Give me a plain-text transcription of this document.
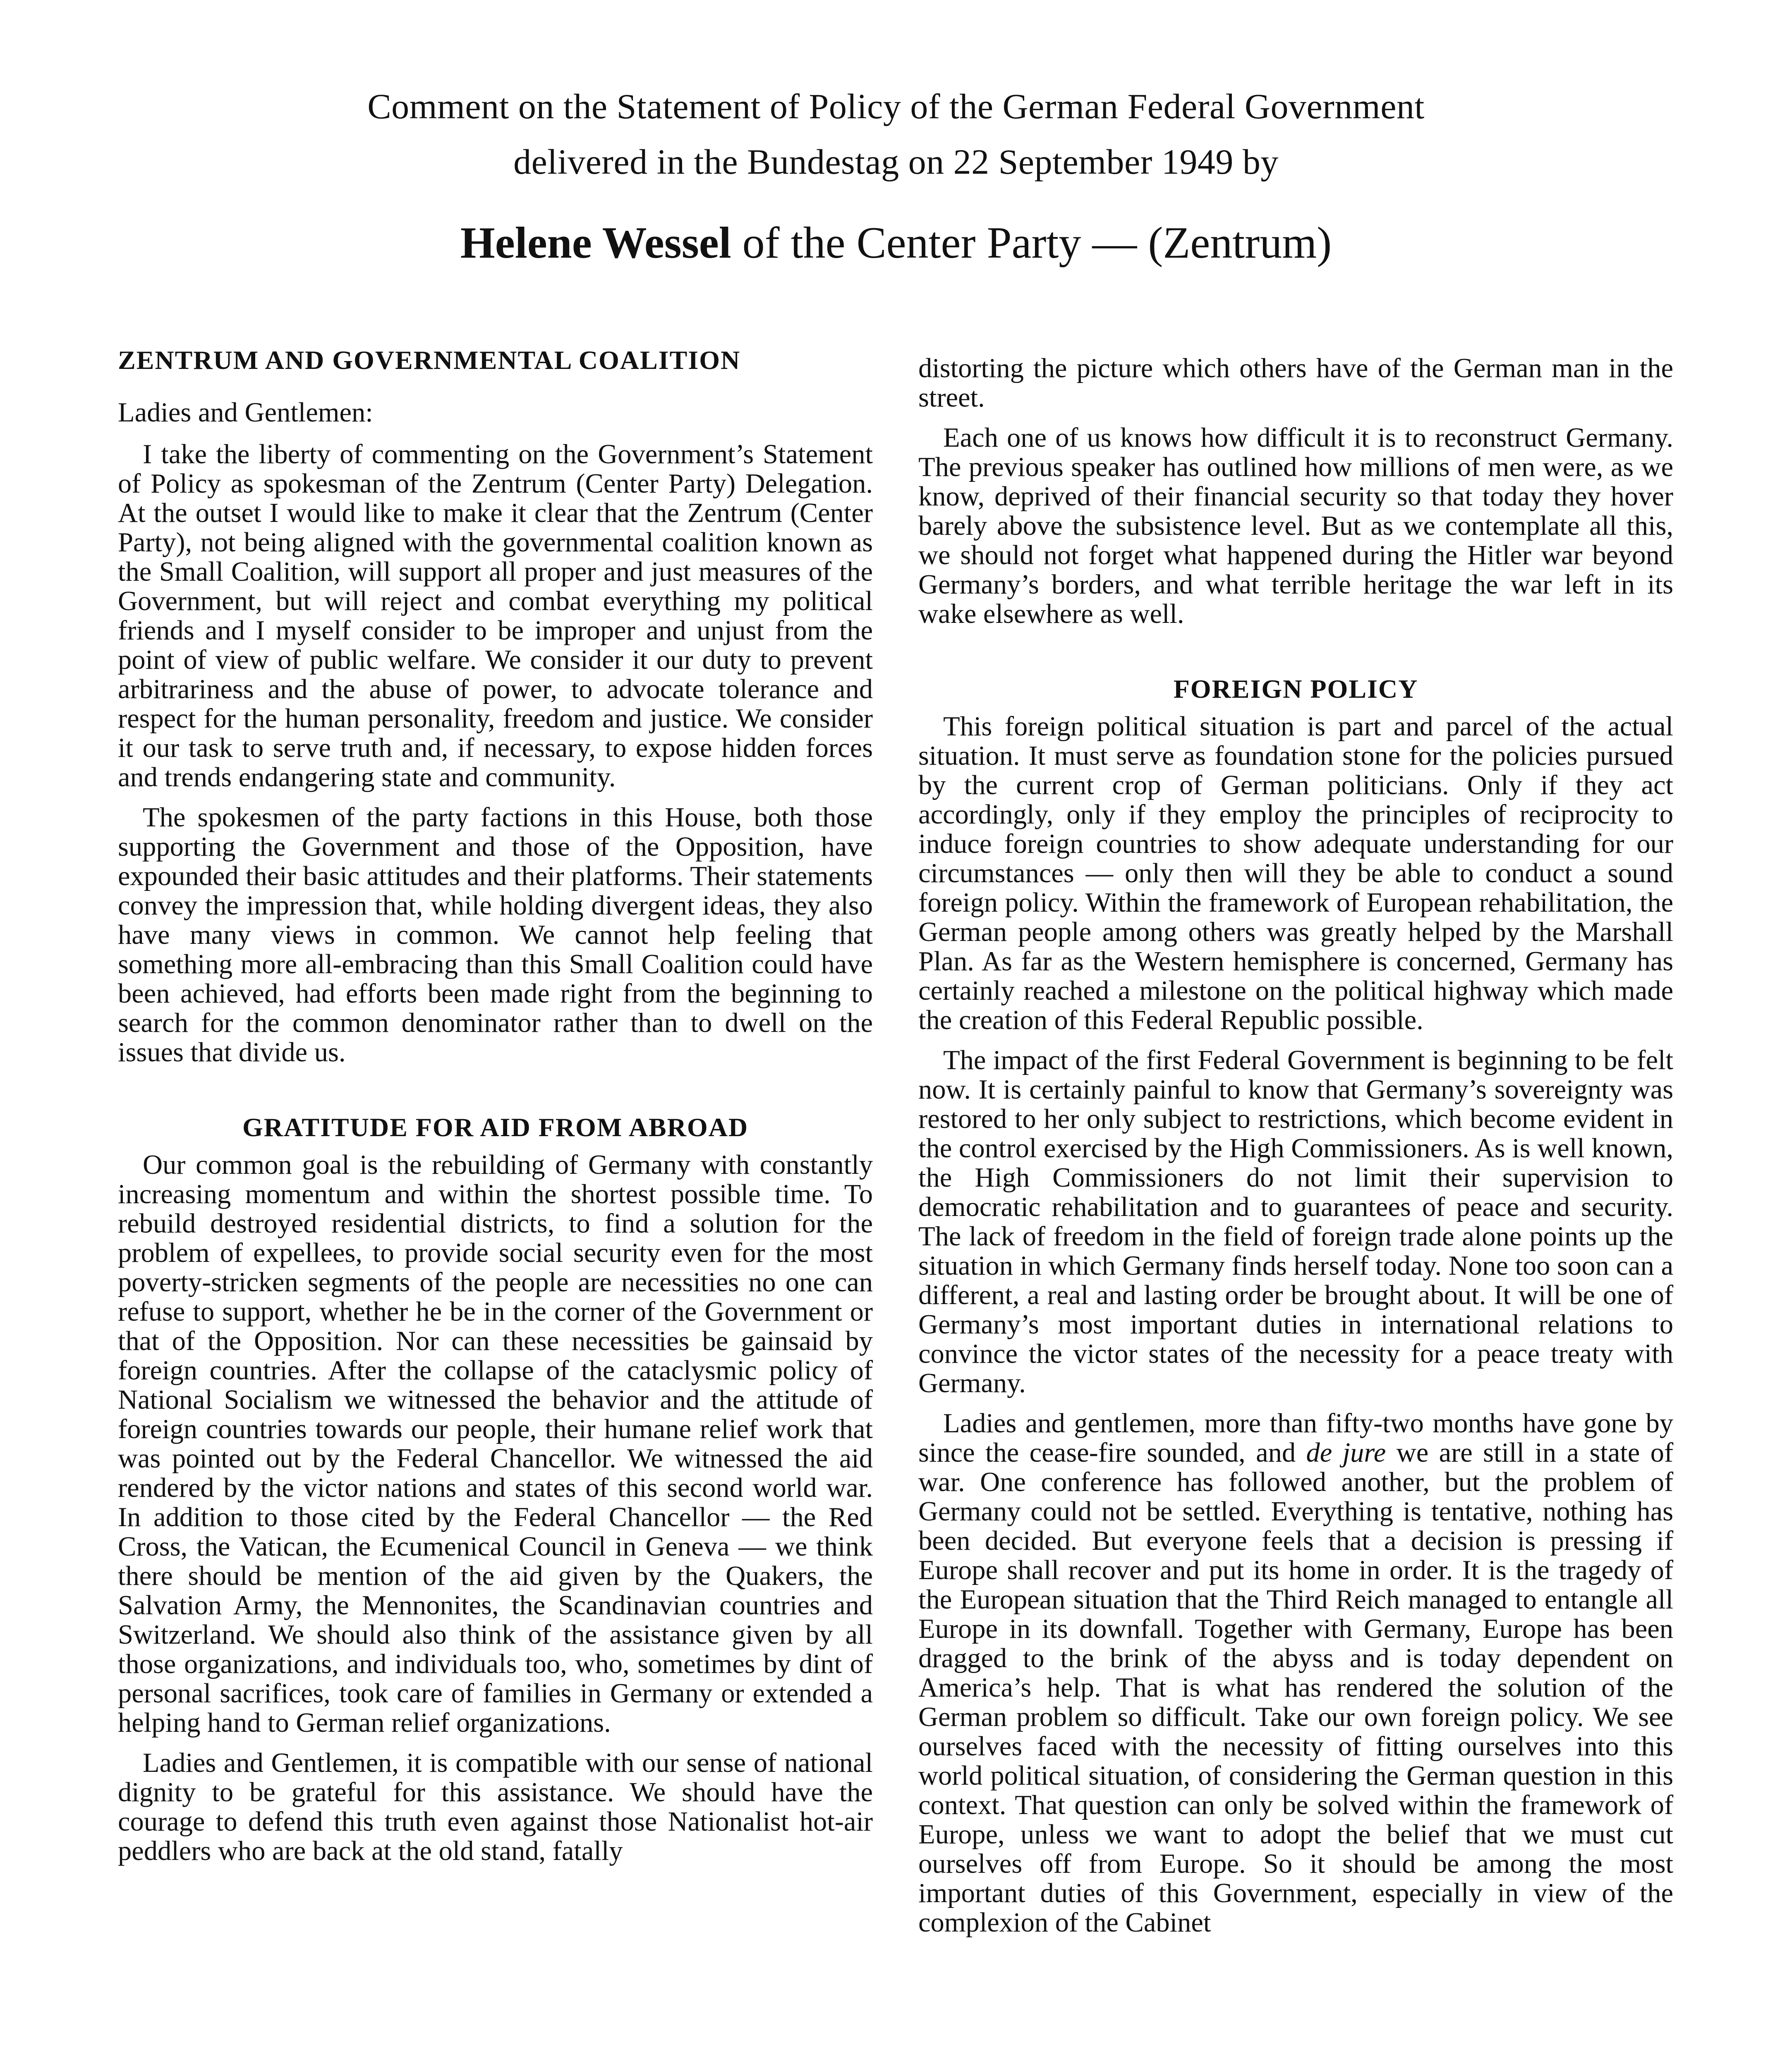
Comment on the Statement of Policy of the German Federal Government
delivered in the Bundestag on 22 September 1949 by
Helene Wessel of the Center Party — (Zentrum)
ZENTRUM AND GOVERNMENTAL COALITION

Ladies and Gentlemen:

I take the liberty of commenting on the Government’s Statement of Policy as spokesman of the Zentrum (Center Party) Delegation. At the outset I would like to make it clear that the Zentrum (Center Party), not being aligned with the governmental coalition known as the Small Coalition, will support all proper and just measures of the Government, but will reject and combat everything my political friends and I myself consider to be improper and unjust from the point of view of public welfare. We consider it our duty to prevent arbitrariness and the abuse of power, to advocate tolerance and respect for the human personality, freedom and justice. We consider it our task to serve truth and, if necessary, to expose hidden forces and trends endangering state and community.

The spokesmen of the party factions in this House, both those supporting the Government and those of the Opposition, have expounded their basic attitudes and their platforms. Their statements convey the impression that, while holding divergent ideas, they also have many views in common. We cannot help feeling that something more all-embracing than this Small Coalition could have been achieved, had efforts been made right from the beginning to search for the common denominator rather than to dwell on the issues that divide us.

GRATITUDE FOR AID FROM ABROAD

Our common goal is the rebuilding of Germany with constantly increasing momentum and within the shortest possible time. To rebuild destroyed residential districts, to find a solution for the problem of expellees, to provide social security even for the most poverty-stricken segments of the people are necessities no one can refuse to support, whether he be in the corner of the Government or that of the Opposition. Nor can these necessities be gainsaid by foreign countries. After the collapse of the cataclysmic policy of National Socialism we witnessed the behavior and the attitude of foreign countries towards our people, their humane relief work that was pointed out by the Federal Chancellor. We witnessed the aid rendered by the victor nations and states of this second world war. In addition to those cited by the Federal Chancellor — the Red Cross, the Vatican, the Ecumenical Council in Geneva — we think there should be mention of the aid given by the Quakers, the Salvation Army, the Mennonites, the Scandinavian countries and Switzerland. We should also think of the assistance given by all those organizations, and individuals too, who, sometimes by dint of personal sacrifices, took care of families in Germany or extended a helping hand to German relief organizations.

Ladies and Gentlemen, it is compatible with our sense of national dignity to be grateful for this assistance. We should have the courage to defend this truth even against those Nationalist hot-air peddlers who are back at the old stand, fatally

distorting the picture which others have of the German man in the street.

Each one of us knows how difficult it is to reconstruct Germany. The previous speaker has outlined how millions of men were, as we know, deprived of their financial security so that today they hover barely above the subsistence level. But as we contemplate all this, we should not forget what happened during the Hitler war beyond Germany’s borders, and what terrible heritage the war left in its wake elsewhere as well.

FOREIGN POLICY

This foreign political situation is part and parcel of the actual situation. It must serve as foundation stone for the policies pursued by the current crop of German politicians. Only if they act accordingly, only if they employ the principles of reciprocity to induce foreign countries to show adequate understanding for our circumstances — only then will they be able to conduct a sound foreign policy. Within the framework of European rehabilitation, the German people among others was greatly helped by the Marshall Plan. As far as the Western hemisphere is concerned, Germany has certainly reached a milestone on the political highway which made the creation of this Federal Republic possible.

The impact of the first Federal Government is beginning to be felt now. It is certainly painful to know that Germany’s sovereignty was restored to her only subject to restrictions, which become evident in the control exercised by the High Commissioners. As is well known, the High Commissioners do not limit their supervision to democratic rehabilitation and to guarantees of peace and security. The lack of freedom in the field of foreign trade alone points up the situation in which Germany finds herself today. None too soon can a different, a real and lasting order be brought about. It will be one of Germany’s most important duties in international relations to convince the victor states of the necessity for a peace treaty with Germany.

Ladies and gentlemen, more than fifty-two months have gone by since the cease-fire sounded, and de jure we are still in a state of war. One conference has followed another, but the problem of Germany could not be settled. Everything is tentative, nothing has been decided. But everyone feels that a decision is pressing if Europe shall recover and put its home in order. It is the tragedy of the European situation that the Third Reich managed to entangle all Europe in its downfall. Together with Germany, Europe has been dragged to the brink of the abyss and is today dependent on America’s help. That is what has rendered the solution of the German problem so difficult. Take our own foreign policy. We see ourselves faced with the necessity of fitting ourselves into this world political situation, of considering the German question in this context. That question can only be solved within the framework of Europe, unless we want to adopt the belief that we must cut ourselves off from Europe. So it should be among the most important duties of this Government, especially in view of the complexion of the Cabinet
